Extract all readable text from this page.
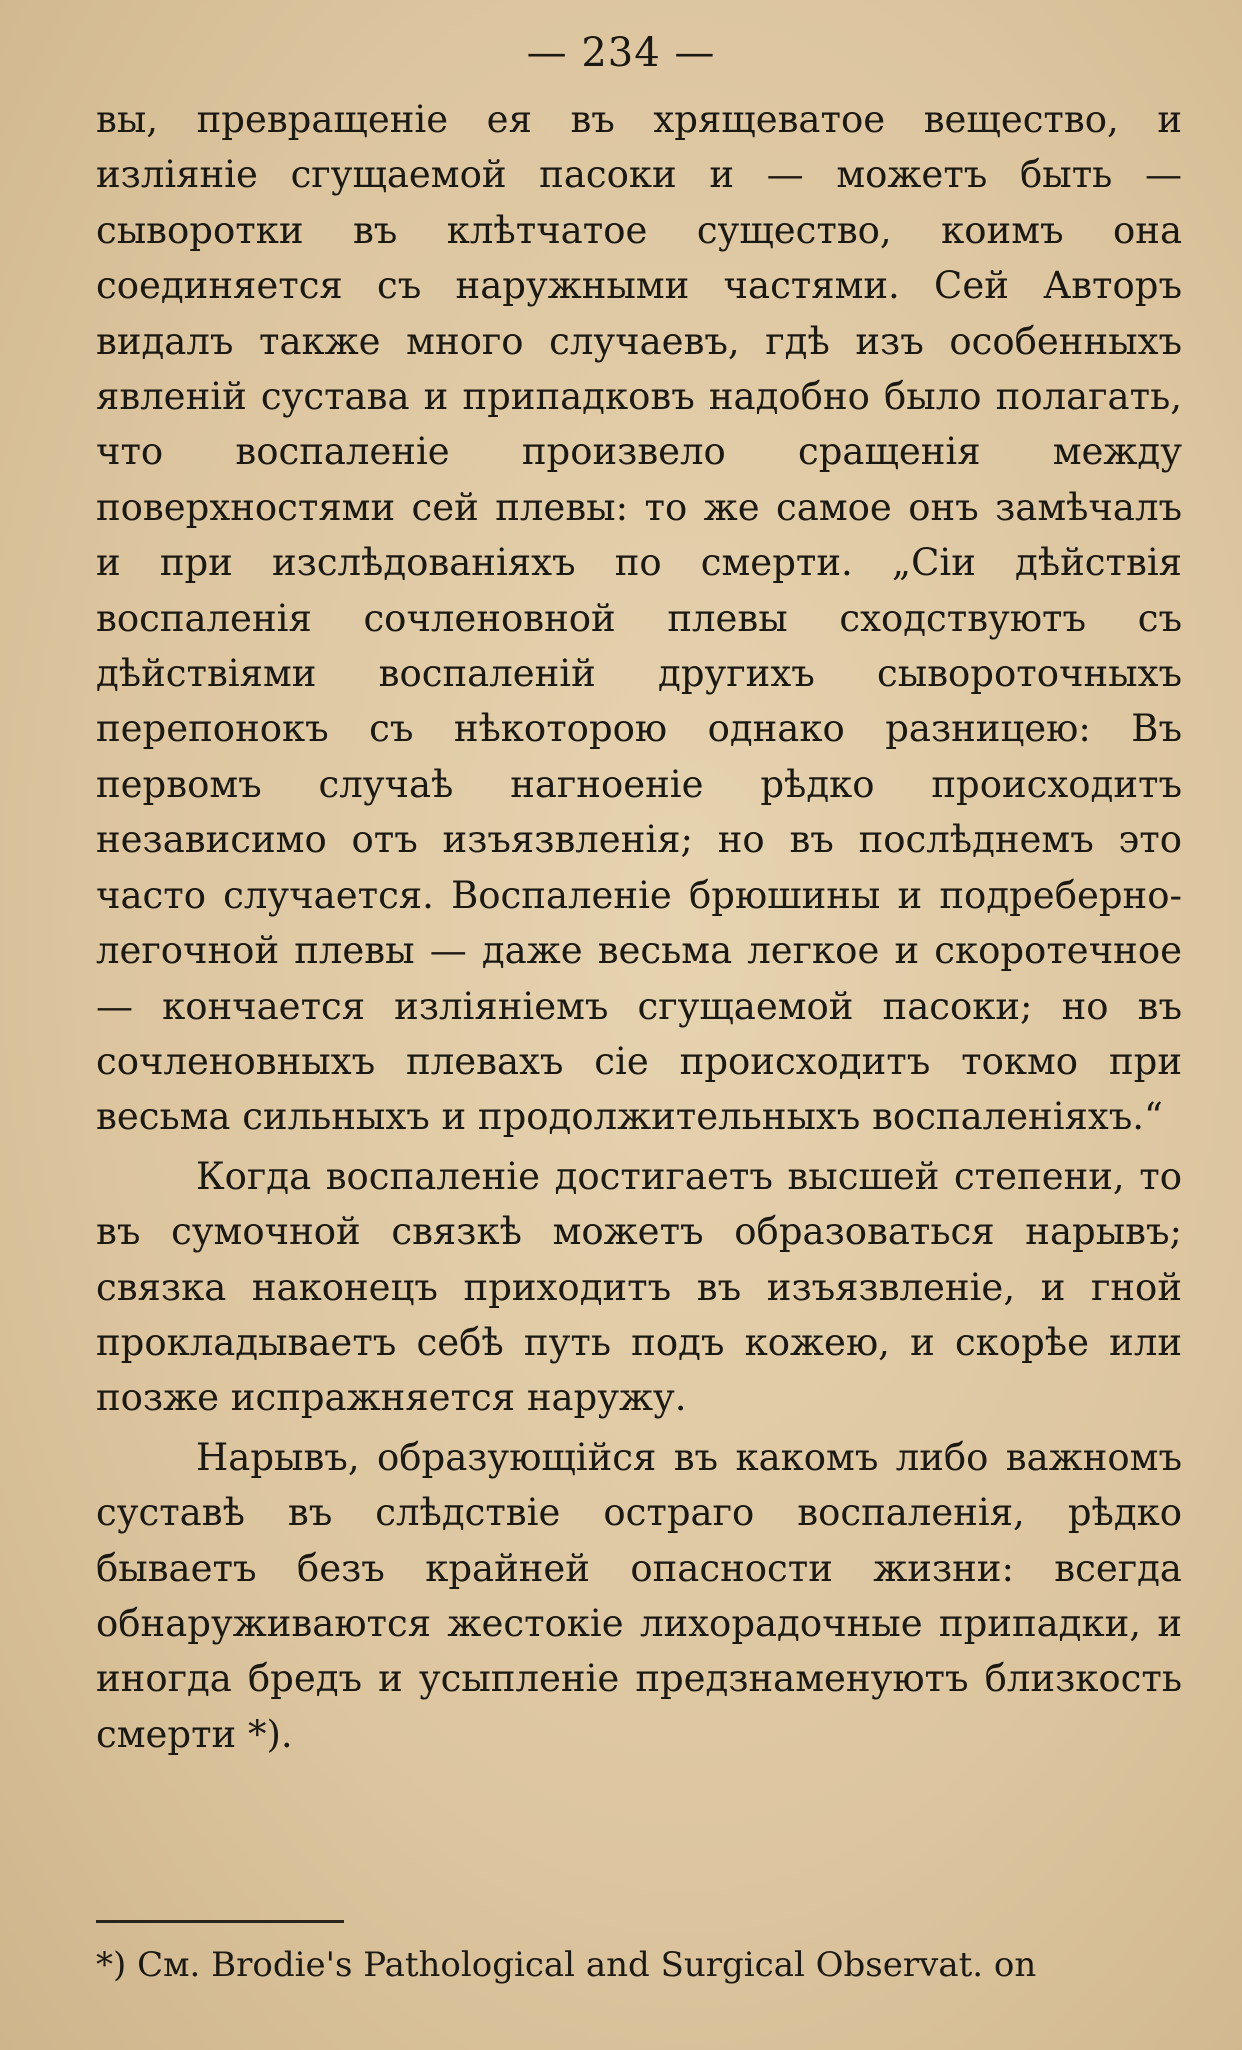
— 234 —

вы, превращеніе ея въ хрящеватое вещество, и изліяніе сгущаемой пасоки и — можетъ быть — сыворотки въ клѣтчатое существо, коимъ она соединяется съ наружными частями. Сей Авторъ видалъ также много случаевъ, гдѣ изъ особенныхъ явленій сустава и припадковъ надобно было полагать, что воспаленіе произвело сращенія между поверхностями сей плевы: то же самое онъ замѣчалъ и при изслѣдованіяхъ по смерти. „Сіи дѣйствія воспаленія сочленовной плевы сходствуютъ съ дѣйствіями воспаленій другихъ сывороточныхъ перепонокъ съ нѣкоторою однако разницею: Въ первомъ случаѣ нагноеніе рѣдко происходитъ независимо отъ изъязвленія; но въ послѣднемъ это часто случается. Воспаленіе брюшины и подреберно-легочной плевы — даже весьма легкое и скоротечное — кончается изліяніемъ сгущаемой пасоки; но въ сочленовныхъ плевахъ сіе происходитъ токмо при весьма сильныхъ и продолжительныхъ воспаленіяхъ.“

Когда воспаленіе достигаетъ высшей степени, то въ сумочной связкѣ можетъ образоваться нарывъ; связка наконецъ приходитъ въ изъязвленіе, и гной прокладываетъ себѣ путь подъ кожею, и скорѣе или позже испражняется наружу.

Нарывъ, образующійся въ какомъ либо важномъ суставѣ въ слѣдствіе остраго воспаленія, рѣдко бываетъ безъ крайней опасности жизни: всегда обнаруживаются жестокіе лихорадочные припадки, и иногда бредъ и усыпленіе предзнаменуютъ близкость смерти *).

*) См. Brodie's Pathological and Surgical Observat. on
